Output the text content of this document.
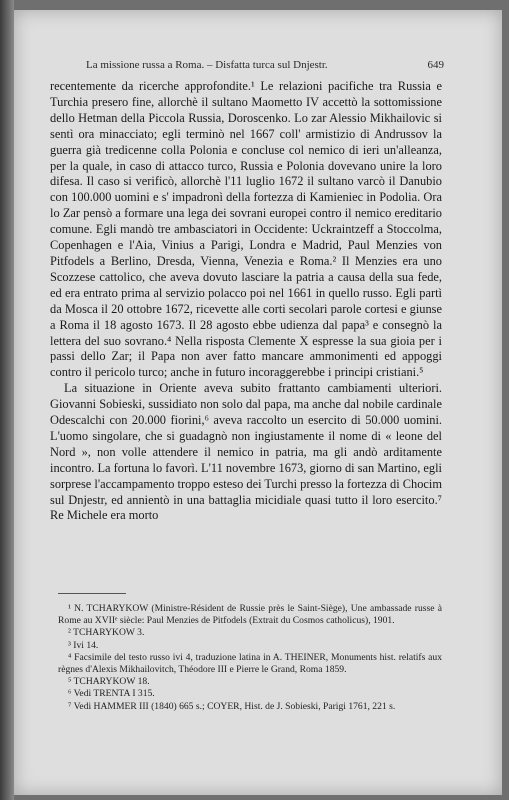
La missione russa a Roma. – Disfatta turca sul Dnjestr.	649

recentemente da ricerche approfondite.¹ Le relazioni pacifiche tra Russia e Turchia presero fine, allorchè il sultano Maometto IV accettò la sottomissione dello Hetman della Piccola Russia, Doroscenko. Lo zar Alessio Mikhailovic si sentì ora minacciato; egli terminò nel 1667 coll' armistizio di Andrussov la guerra già tredicenne colla Polonia e concluse col nemico di ieri un'alleanza, per la quale, in caso di attacco turco, Russia e Polonia dovevano unire la loro difesa. Il caso si verificò, allorchè l'11 luglio 1672 il sultano varcò il Danubio con 100.000 uomini e s' impadronì della fortezza di Kamieniec in Podolia. Ora lo Zar pensò a formare una lega dei sovrani europei contro il nemico ereditario comune. Egli mandò tre ambasciatori in Occidente: Uckraintzeff a Stoccolma, Copenhagen e l'Aia, Vinius a Parigi, Londra e Madrid, Paul Menzies von Pitfodels a Berlino, Dresda, Vienna, Venezia e Roma.² Il Menzies era uno Scozzese cattolico, che aveva dovuto lasciare la patria a causa della sua fede, ed era entrato prima al servizio polacco poi nel 1661 in quello russo. Egli partì da Mosca il 20 ottobre 1672, ricevette alle corti secolari parole cortesi e giunse a Roma il 18 agosto 1673. Il 28 agosto ebbe udienza dal papa³ e consegnò la lettera del suo sovrano.⁴ Nella risposta Clemente X espresse la sua gioia per i passi dello Zar; il Papa non aver fatto mancare ammonimenti ed appoggi contro il pericolo turco; anche in futuro incoraggerebbe i principi cristiani.⁵

La situazione in Oriente aveva subito frattanto cambiamenti ulteriori. Giovanni Sobieski, sussidiato non solo dal papa, ma anche dal nobile cardinale Odescalchi con 20.000 fiorini,⁶ aveva raccolto un esercito di 50.000 uomini. L'uomo singolare, che si guadagnò non ingiustamente il nome di « leone del Nord », non volle attendere il nemico in patria, ma gli andò arditamente incontro. La fortuna lo favorì. L'11 novembre 1673, giorno di san Martino, egli sorprese l'accampamento troppo esteso dei Turchi presso la fortezza di Chocim sul Dnjestr, ed annientò in una battaglia micidiale quasi tutto il loro esercito.⁷ Re Michele era morto

¹ N. TCHARYKOW (Ministre-Résident de Russie près le Saint-Siège), Une ambassade russe à Rome au XVIIᵉ siècle: Paul Menzies de Pitfodels (Extrait du Cosmos catholicus), 1901.

² TCHARYKOW 3.

³ Ivi 14.

⁴ Facsimile del testo russo ivi 4, traduzione latina in A. THEINER, Monuments hist. relatifs aux règnes d'Alexis Mikhailovitch, Théodore III e Pierre le Grand, Roma 1859.

⁵ TCHARYKOW 18.

⁶ Vedi TRENTA I 315.

⁷ Vedi HAMMER III (1840) 665 s.; COYER, Hist. de J. Sobieski, Parigi 1761, 221 s.
